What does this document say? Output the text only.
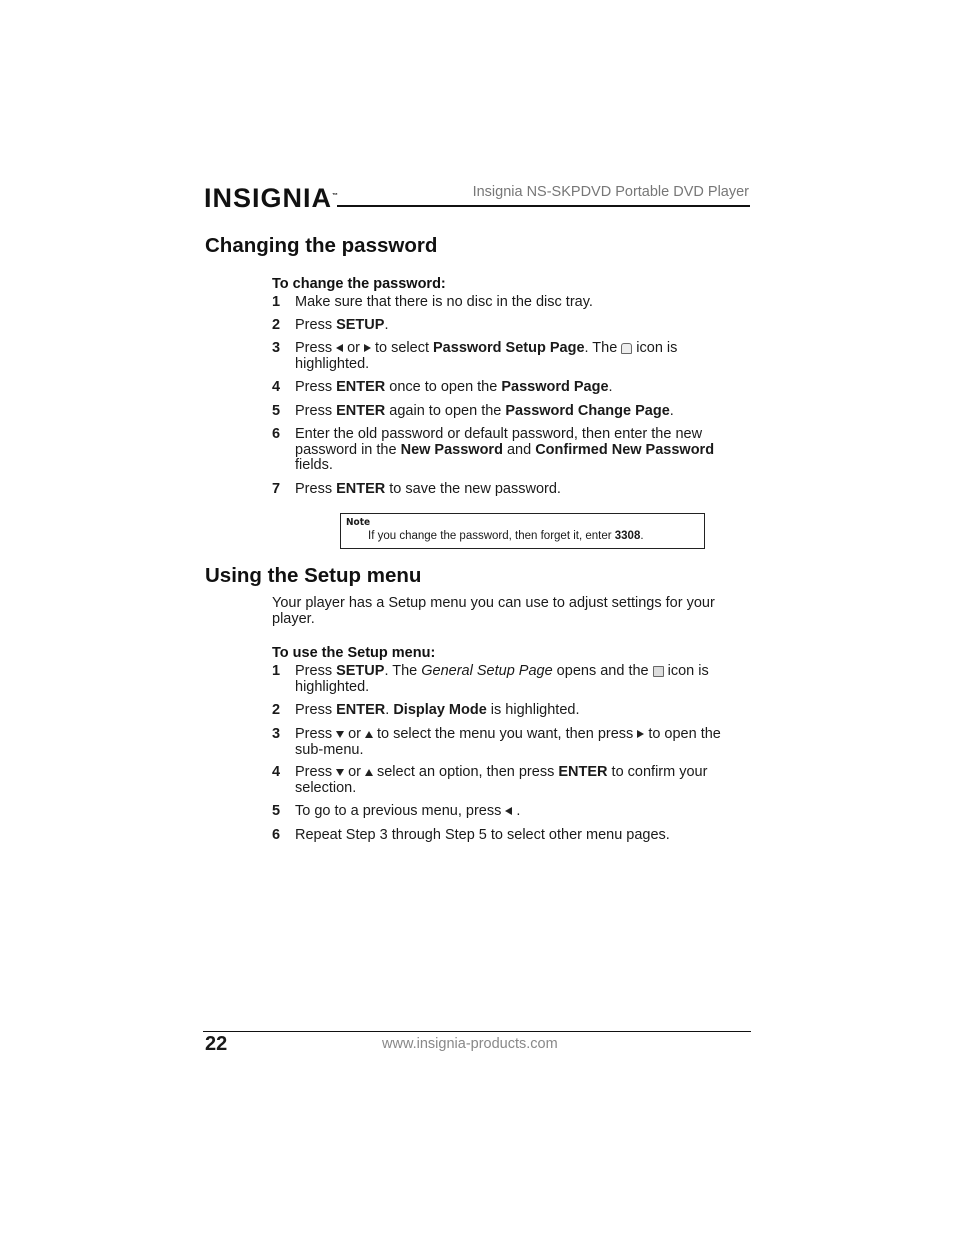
INSIGNIA™	Insignia NS-SKPDVD Portable DVD Player
Changing the password
To change the password:
1 Make sure that there is no disc in the disc tray.
2 Press SETUP.
3 Press or to select Password Setup Page. The icon is highlighted.
4 Press ENTER once to open the Password Page.
5 Press ENTER again to open the Password Change Page.
6 Enter the old password or default password, then enter the new password in the New Password and Confirmed New Password fields.
7 Press ENTER to save the new password.
Note
If you change the password, then forget it, enter 3308.
Using the Setup menu
Your player has a Setup menu you can use to adjust settings for your player.
To use the Setup menu:
1 Press SETUP. The General Setup Page opens and the icon is highlighted.
2 Press ENTER. Display Mode is highlighted.
3 Press or to select the menu you want, then press to open the sub-menu.
4 Press or select an option, then press ENTER to confirm your selection.
5 To go to a previous menu, press .
6 Repeat Step 3 through Step 5 to select other menu pages.
22	www.insignia-products.com
